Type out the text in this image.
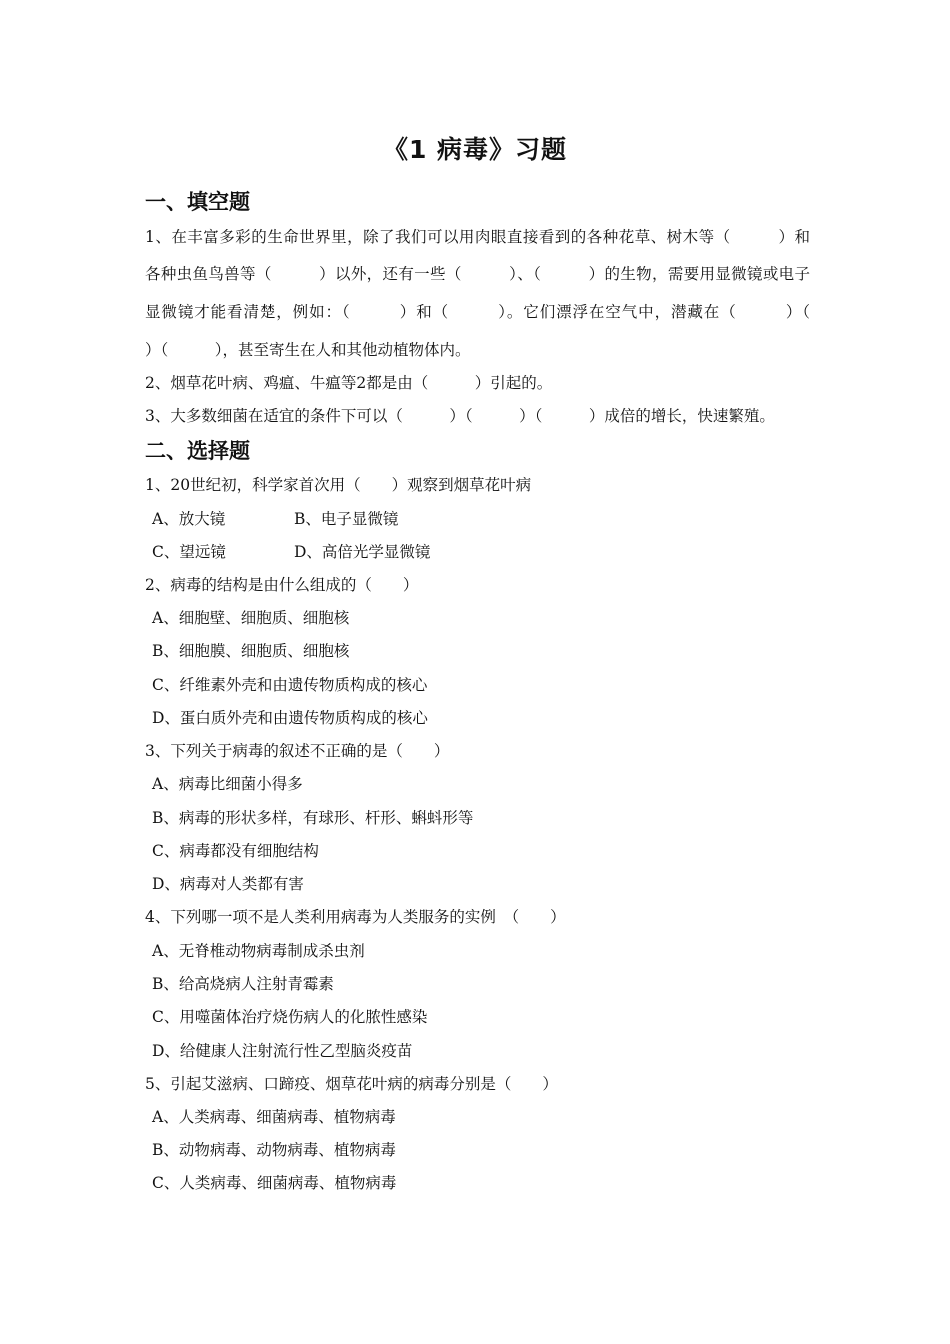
《1 病毒》习题
一、填空题
1、在丰富多彩的生命世界里，除了我们可以用肉眼直接看到的各种花草、树木等（　　　）和
各种虫鱼鸟兽等（　　　）以外，还有一些（　　　）、（　　　）的生物，需要用显微镜或电子
显微镜才能看清楚，例如：（　　　）和（　　　）。它们漂浮在空气中，潜藏在（　　　）（
）（　　　），甚至寄生在人和其他动植物体内。
2、烟草花叶病、鸡瘟、牛瘟等2都是由（　　　）引起的。
3、大多数细菌在适宜的条件下可以（　　　）（　　　）（　　　）成倍的增长，快速繁殖。
二、选择题
1、20世纪初，科学家首次用（　　）观察到烟草花叶病
A、放大镜	B、电子显微镜
C、望远镜	D、高倍光学显微镜
2、病毒的结构是由什么组成的（　　）
A、细胞壁、细胞质、细胞核
B、细胞膜、细胞质、细胞核
C、纤维素外壳和由遗传物质构成的核心
D、蛋白质外壳和由遗传物质构成的核心
3、下列关于病毒的叙述不正确的是（　　）
A、病毒比细菌小得多
B、病毒的形状多样，有球形、杆形、蝌蚪形等
C、病毒都没有细胞结构
D、病毒对人类都有害
4、下列哪一项不是人类利用病毒为人类服务的实例　（　　）
A、无脊椎动物病毒制成杀虫剂
B、给高烧病人注射青霉素
C、用噬菌体治疗烧伤病人的化脓性感染
D、给健康人注射流行性乙型脑炎疫苗
5、引起艾滋病、口蹄疫、烟草花叶病的病毒分别是（　　）
A、人类病毒、细菌病毒、植物病毒
B、动物病毒、动物病毒、植物病毒
C、人类病毒、细菌病毒、植物病毒
